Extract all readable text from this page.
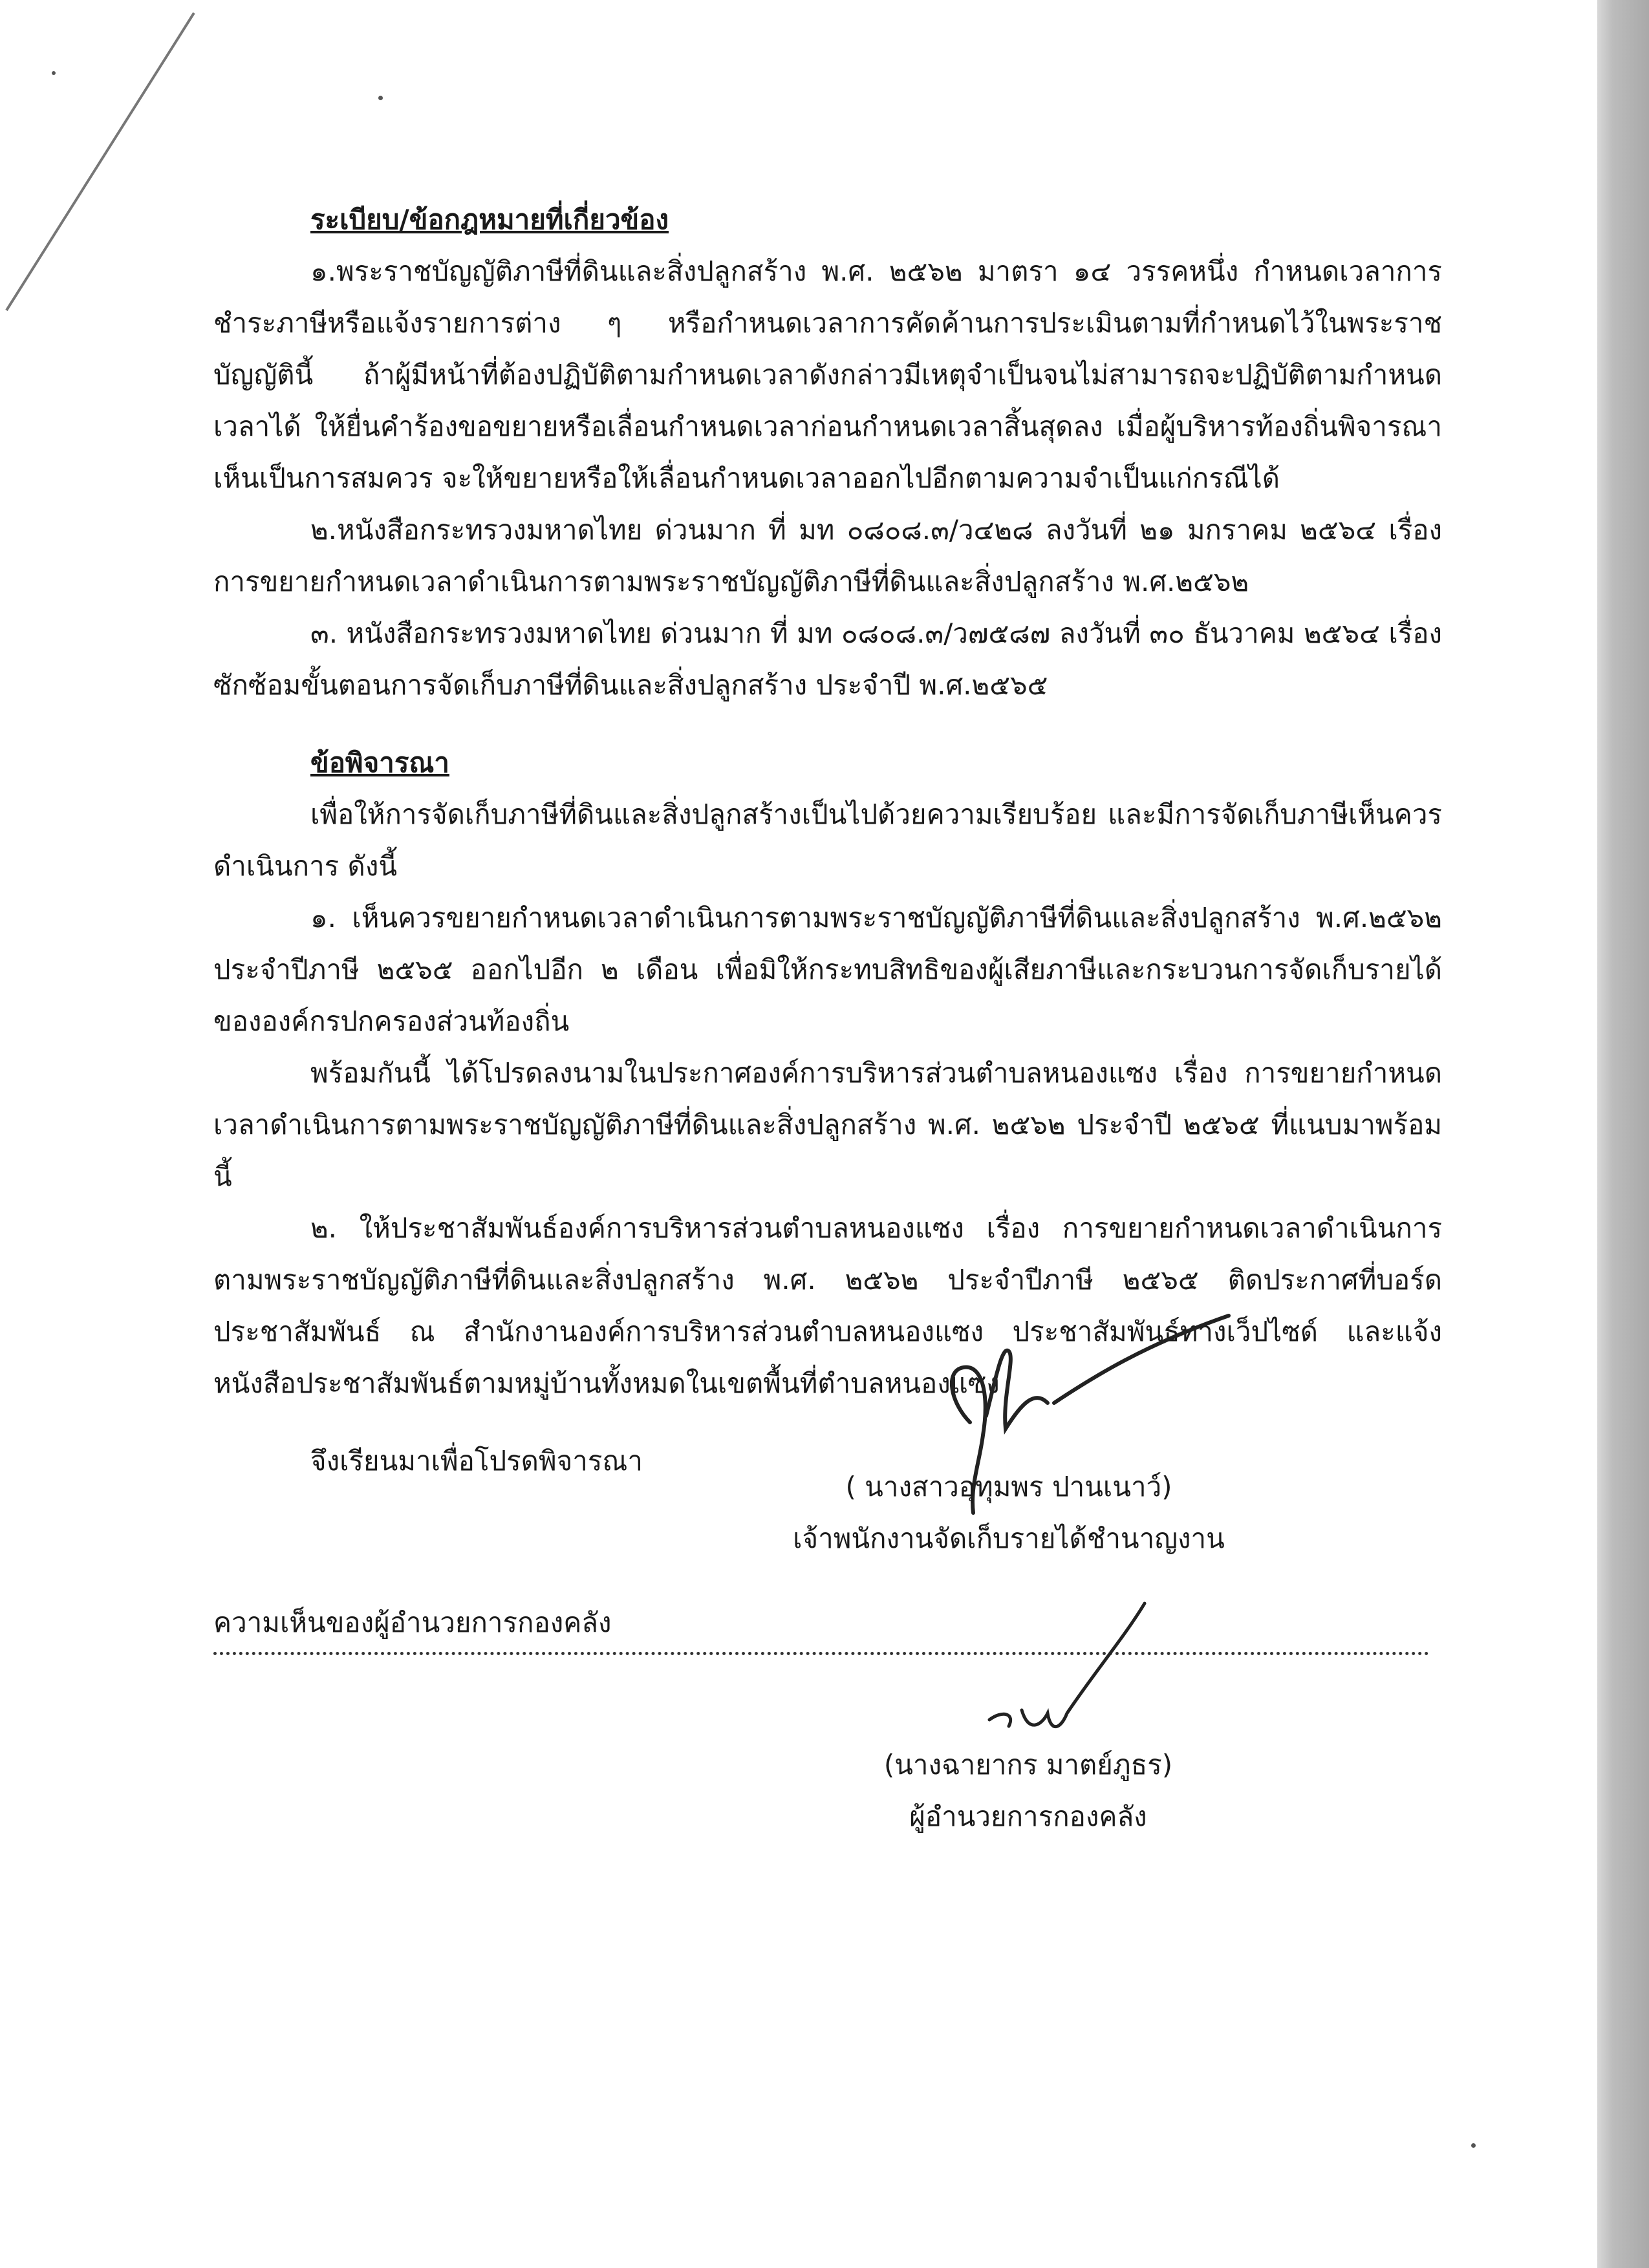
ระเบียบ/ข้อกฎหมายที่เกี่ยวข้อง

๑.พระราชบัญญัติภาษีที่ดินและสิ่งปลูกสร้าง พ.ศ. ๒๕๖๒ มาตรา ๑๔ วรรคหนึ่ง กำหนดเวลาการชำระภาษีหรือแจ้งรายการต่าง ๆ หรือกำหนดเวลาการคัดค้านการประเมินตามที่กำหนดไว้ในพระราชบัญญัตินี้ ถ้าผู้มีหน้าที่ต้องปฏิบัติตามกำหนดเวลาดังกล่าวมีเหตุจำเป็นจนไม่สามารถจะปฏิบัติตามกำหนดเวลาได้ ให้ยื่นคำร้องขอขยายหรือเลื่อนกำหนดเวลาก่อนกำหนดเวลาสิ้นสุดลง เมื่อผู้บริหารท้องถิ่นพิจารณาเห็นเป็นการสมควร จะให้ขยายหรือให้เลื่อนกำหนดเวลาออกไปอีกตามความจำเป็นแก่กรณีได้

๒.หนังสือกระทรวงมหาดไทย ด่วนมาก ที่ มท ๐๘๐๘.๓/ว๔๒๘ ลงวันที่ ๒๑ มกราคม ๒๕๖๔ เรื่อง การขยายกำหนดเวลาดำเนินการตามพระราชบัญญัติภาษีที่ดินและสิ่งปลูกสร้าง พ.ศ.๒๕๖๒

๓. หนังสือกระทรวงมหาดไทย ด่วนมาก ที่ มท ๐๘๐๘.๓/ว๗๕๘๗ ลงวันที่ ๓๐ ธันวาคม ๒๕๖๔ เรื่อง ซักซ้อมขั้นตอนการจัดเก็บภาษีที่ดินและสิ่งปลูกสร้าง ประจำปี พ.ศ.๒๕๖๕

ข้อพิจารณา

เพื่อให้การจัดเก็บภาษีที่ดินและสิ่งปลูกสร้างเป็นไปด้วยความเรียบร้อย และมีการจัดเก็บภาษีเห็นควรดำเนินการ ดังนี้

๑. เห็นควรขยายกำหนดเวลาดำเนินการตามพระราชบัญญัติภาษีที่ดินและสิ่งปลูกสร้าง พ.ศ.๒๕๖๒ ประจำปีภาษี ๒๕๖๕ ออกไปอีก ๒ เดือน เพื่อมิให้กระทบสิทธิของผู้เสียภาษีและกระบวนการจัดเก็บรายได้ขององค์กรปกครองส่วนท้องถิ่น

พร้อมกันนี้ ได้โปรดลงนามในประกาศองค์การบริหารส่วนตำบลหนองแซง เรื่อง การขยายกำหนดเวลาดำเนินการตามพระราชบัญญัติภาษีที่ดินและสิ่งปลูกสร้าง พ.ศ. ๒๕๖๒ ประจำปี ๒๕๖๕ ที่แนบมาพร้อมนี้

๒. ให้ประชาสัมพันธ์องค์การบริหารส่วนตำบลหนองแซง เรื่อง การขยายกำหนดเวลาดำเนินการตามพระราชบัญญัติภาษีที่ดินและสิ่งปลูกสร้าง พ.ศ. ๒๕๖๒ ประจำปีภาษี ๒๕๖๕ ติดประกาศที่บอร์ดประชาสัมพันธ์ ณ สำนักงานองค์การบริหารส่วนตำบลหนองแซง ประชาสัมพันธ์ทางเว็ปไซด์ และแจ้งหนังสือประชาสัมพันธ์ตามหมู่บ้านทั้งหมดในเขตพื้นที่ตำบลหนองแซง

จึงเรียนมาเพื่อโปรดพิจารณา

( นางสาวอุทุมพร ปานเนาว์)
เจ้าพนักงานจัดเก็บรายได้ชำนาญงาน
ความเห็นของผู้อำนวยการกองคลัง
(นางฉายากร มาตย์ภูธร)
ผู้อำนวยการกองคลัง
